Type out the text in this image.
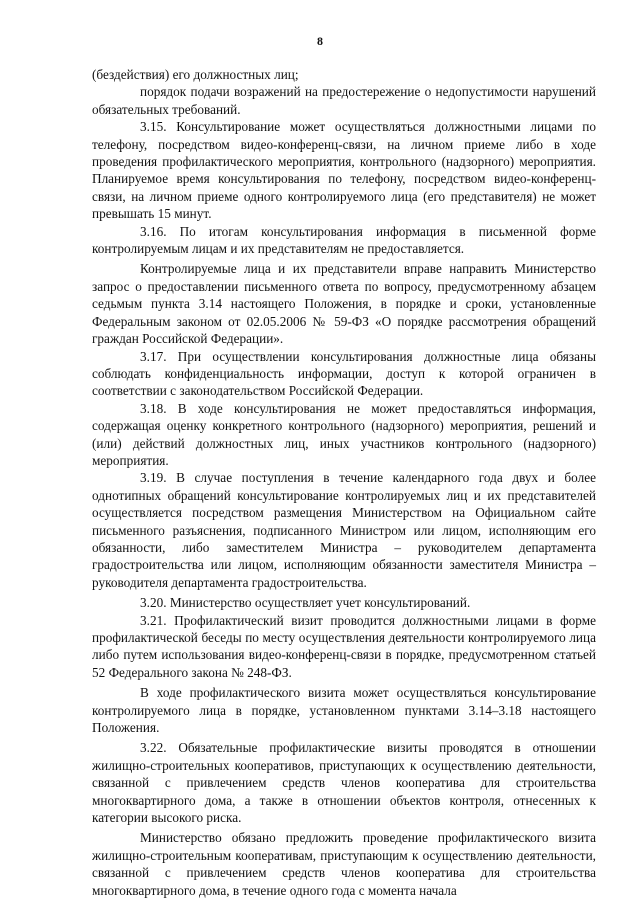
8

(бездействия) его должностных лиц;

порядок подачи возражений на предостережение о недопустимости нарушений обязательных требований.

3.15. Консультирование может осуществляться должностными лицами по телефону, посредством видео-конференц-связи, на личном приеме либо в ходе проведения профилактического мероприятия, контрольного (надзорного) мероприятия. Планируемое время консультирования по телефону, посредством видео-конференц-связи, на личном приеме одного контролируемого лица (его представителя) не может превышать 15 минут.

3.16. По итогам консультирования информация в письменной форме контролируемым лицам и их представителям не предоставляется.

Контролируемые лица и их представители вправе направить Министерство запрос о предоставлении письменного ответа по вопросу, предусмотренному абзацем седьмым пункта 3.14 настоящего Положения, в порядке и сроки, установленные Федеральным законом от 02.05.2006 № 59-ФЗ «О порядке рассмотрения обращений граждан Российской Федерации».

3.17. При осуществлении консультирования должностные лица обязаны соблюдать конфиденциальность информации, доступ к которой ограничен в соответствии с законодательством Российской Федерации.

3.18. В ходе консультирования не может предоставляться информация, содержащая оценку конкретного контрольного (надзорного) мероприятия, решений и (или) действий должностных лиц, иных участников контрольного (надзорного) мероприятия.

3.19. В случае поступления в течение календарного года двух и более однотипных обращений консультирование контролируемых лиц и их представителей осуществляется посредством размещения Министерством на Официальном сайте письменного разъяснения, подписанного Министром или лицом, исполняющим его обязанности, либо заместителем Министра – руководителем департамента градостроительства или лицом, исполняющим обязанности заместителя Министра – руководителя департамента градостроительства.

3.20. Министерство осуществляет учет консультирований.

3.21. Профилактический визит проводится должностными лицами в форме профилактической беседы по месту осуществления деятельности контролируемого лица либо путем использования видео-конференц-связи в порядке, предусмотренном статьей 52 Федерального закона № 248-ФЗ.

В ходе профилактического визита может осуществляться консультирование контролируемого лица в порядке, установленном пунктами 3.14–3.18 настоящего Положения.

3.22. Обязательные профилактические визиты проводятся в отношении жилищно-строительных кооперативов, приступающих к осуществлению деятельности, связанной с привлечением средств членов кооператива для строительства многоквартирного дома, а также в отношении объектов контроля, отнесенных к категории высокого риска.

Министерство обязано предложить проведение профилактического визита жилищно-строительным кооперативам, приступающим к осуществлению деятельности, связанной с привлечением средств членов кооператива для строительства многоквартирного дома, в течение одного года с момента начала
